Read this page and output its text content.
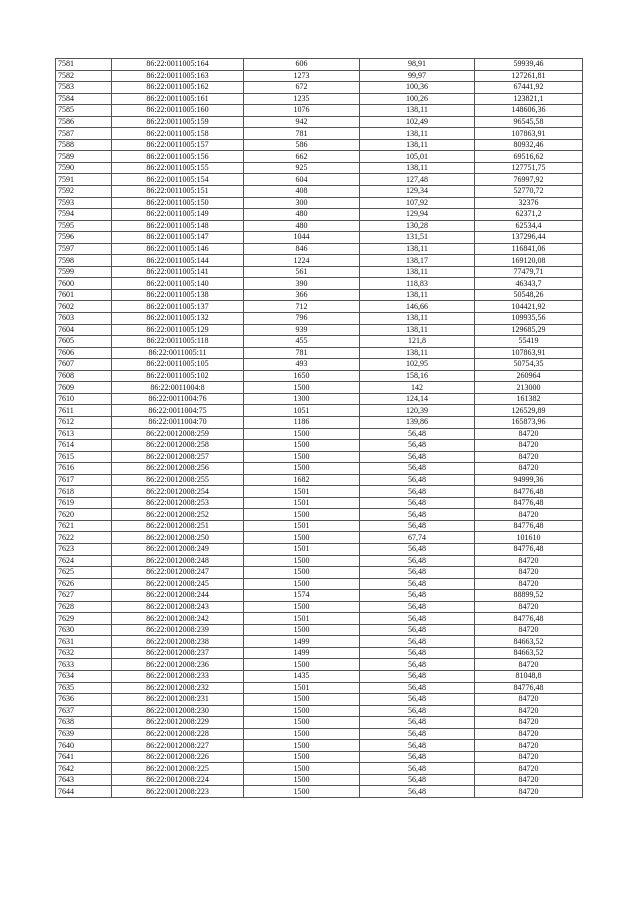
7581	86:22:0011005:164	606	98,91	59939,46
7582	86:22:0011005:163	1273	99,97	127261,81
7583	86:22:0011005:162	672	100,36	67441,92
7584	86:22:0011005:161	1235	100,26	123821,1
7585	86:22:0011005:160	1076	138,11	148606,36
7586	86:22:0011005:159	942	102,49	96545,58
7587	86:22:0011005:158	781	138,11	107863,91
7588	86:22:0011005:157	586	138,11	80932,46
7589	86:22:0011005:156	662	105,01	69516,62
7590	86:22:0011005:155	925	138,11	127751,75
7591	86:22:0011005:154	604	127,48	76997,92
7592	86:22:0011005:151	408	129,34	52770,72
7593	86:22:0011005:150	300	107,92	32376
7594	86:22:0011005:149	480	129,94	62371,2
7595	86:22:0011005:148	480	130,28	62534,4
7596	86:22:0011005:147	1044	131,51	137296,44
7597	86:22:0011005:146	846	138,11	116841,06
7598	86:22:0011005:144	1224	138,17	169120,08
7599	86:22:0011005:141	561	138,11	77479,71
7600	86:22:0011005:140	390	118,83	46343,7
7601	86:22:0011005:138	366	138,11	50548,26
7602	86:22:0011005:137	712	146,66	104421,92
7603	86:22:0011005:132	796	138,11	109935,56
7604	86:22:0011005:129	939	138,11	129685,29
7605	86:22:0011005:118	455	121,8	55419
7606	86:22:0011005:11	781	138,11	107863,91
7607	86:22:0011005:105	493	102,95	50754,35
7608	86:22:0011005:102	1650	158,16	260964
7609	86:22:0011004:8	1500	142	213000
7610	86:22:0011004:76	1300	124,14	161382
7611	86:22:0011004:75	1051	120,39	126529,89
7612	86:22:0011004:70	1186	139,86	165873,96
7613	86:22:0012008:259	1500	56,48	84720
7614	86:22:0012008:258	1500	56,48	84720
7615	86:22:0012008:257	1500	56,48	84720
7616	86:22:0012008:256	1500	56,48	84720
7617	86:22:0012008:255	1682	56,48	94999,36
7618	86:22:0012008:254	1501	56,48	84776,48
7619	86:22:0012008:253	1501	56,48	84776,48
7620	86:22:0012008:252	1500	56,48	84720
7621	86:22:0012008:251	1501	56,48	84776,48
7622	86:22:0012008:250	1500	67,74	101610
7623	86:22:0012008:249	1501	56,48	84776,48
7624	86:22:0012008:248	1500	56,48	84720
7625	86:22:0012008:247	1500	56,48	84720
7626	86:22:0012008:245	1500	56,48	84720
7627	86:22:0012008:244	1574	56,48	88899,52
7628	86:22:0012008:243	1500	56,48	84720
7629	86:22:0012008:242	1501	56,48	84776,48
7630	86:22:0012008:239	1500	56,48	84720
7631	86:22:0012008:238	1499	56,48	84663,52
7632	86:22:0012008:237	1499	56,48	84663,52
7633	86:22:0012008:236	1500	56,48	84720
7634	86:22:0012008:233	1435	56,48	81048,8
7635	86:22:0012008:232	1501	56,48	84776,48
7636	86:22:0012008:231	1500	56,48	84720
7637	86:22:0012008:230	1500	56,48	84720
7638	86:22:0012008:229	1500	56,48	84720
7639	86:22:0012008:228	1500	56,48	84720
7640	86:22:0012008:227	1500	56,48	84720
7641	86:22:0012008:226	1500	56,48	84720
7642	86:22:0012008:225	1500	56,48	84720
7643	86:22:0012008:224	1500	56,48	84720
7644	86:22:0012008:223	1500	56,48	84720
